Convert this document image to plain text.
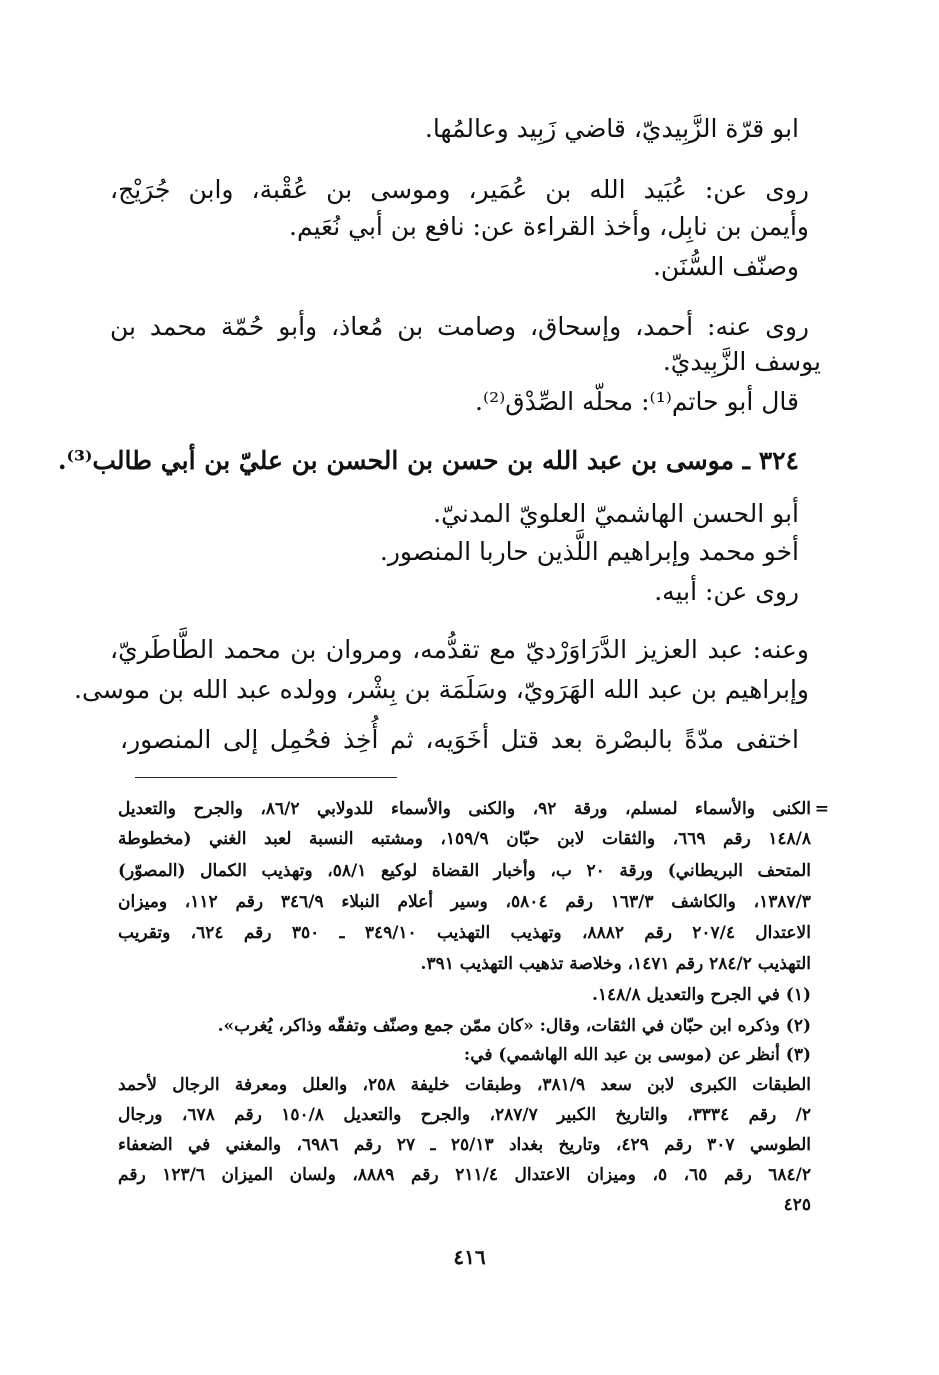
ابو قرّة الزَّبِيديّ، قاضي زَبِيد وعالمُها.
روى عن: عُبَيد الله بن عُمَير، وموسى بن عُقْبة، وابن جُرَيْج،
وأيمن بن نابِل، وأخذ القراءة عن: نافع بن أبي نُعَيم.
وصنّف السُّنَن.
روى عنه: أحمد، وإسحاق، وصامت بن مُعاذ، وأبو حُمّة محمد بن
يوسف الزَّبِيديّ.
قال أبو حاتم⁽¹⁾: محلّه الصِّدْق⁽²⁾.
٣٢٤ ـ موسى بن عبد الله بن حسن بن الحسن بن عليّ بن أبي طالب⁽³⁾.
أبو الحسن الهاشميّ العلويّ المدنيّ.
أخو محمد وإبراهيم اللَّذين حاربا المنصور.
روى عن: أبيه.
وعنه: عبد العزيز الدَّرَاوَرْديّ مع تقدُّمه، ومروان بن محمد الطَّاطَريّ،
وإبراهيم بن عبد الله الهَرَويّ، وسَلَمَة بن بِشْر، وولده عبد الله بن موسى.
اختفى مدّةً بالبصْرة بعد قتل أخَوَيه، ثم أُخِذ فحُمِل إلى المنصور،
=
الكنى والأسماء لمسلم، ورقة ٩٢، والكنى والأسماء للدولابي ٨٦/٢، والجرح والتعديل
١٤٨/٨ رقم ٦٦٩، والثقات لابن حبّان ١٥٩/٩، ومشتبه النسبة لعبد الغني (مخطوطة
المتحف البريطاني) ورقة ٢٠ ب، وأخبار القضاة لوكيع ٥٨/١، وتهذيب الكمال (المصوّر)
١٣٨٧/٣، والكاشف ١٦٣/٣ رقم ٥٨٠٤، وسير أعلام النبلاء ٣٤٦/٩ رقم ١١٢، وميزان
الاعتدال ٢٠٧/٤ رقم ٨٨٨٢، وتهذيب التهذيب ٣٤٩/١٠ ـ ٣٥٠ رقم ٦٢٤، وتقريب
التهذيب ٢٨٤/٢ رقم ١٤٧١، وخلاصة تذهيب التهذيب ٣٩١.
(١) في الجرح والتعديل ١٤٨/٨.
(٢) وذكره ابن حبّان في الثقات، وقال: «كان ممّن جمع وصنّف وتفقّه وذاكر، يُغرب».
(٣) أنظر عن (موسى بن عبد الله الهاشمي) في:
الطبقات الكبرى لابن سعد ٣٨١/٩، وطبقات خليفة ٢٥٨، والعلل ومعرفة الرجال لأحمد
٢/ رقم ٣٣٣٤، والتاريخ الكبير ٢٨٧/٧، والجرح والتعديل ١٥٠/٨ رقم ٦٧٨، ورجال
الطوسي ٣٠٧ رقم ٤٢٩، وتاريخ بغداد ٢٥/١٣ ـ ٢٧ رقم ٦٩٨٦، والمغني في الضعفاء
٦٨٤/٢ رقم ٦٥، ٥، وميزان الاعتدال ٢١١/٤ رقم ٨٨٨٩، ولسان الميزان ١٢٣/٦ رقم
٤٢٥
٤١٦
